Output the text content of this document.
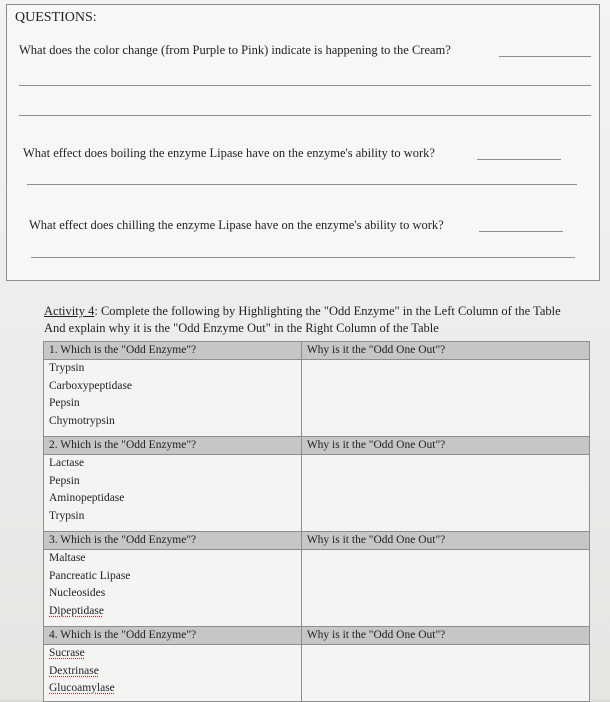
QUESTIONS:
What does the color change (from Purple to Pink) indicate is happening to the Cream?
What effect does boiling the enzyme Lipase have on the enzyme's ability to work?
What effect does chilling the enzyme Lipase have on the enzyme's ability to work?
Activity 4: Complete the following by Highlighting the "Odd Enzyme" in the Left Column of the Table
And explain why it is the "Odd Enzyme Out" in the Right Column of the Table
1. Which is the "Odd Enzyme"?	Why is it the "Odd One Out"?

Trypsin
Carboxypeptidase
Pepsin
Chymotrypsin	

2. Which is the "Odd Enzyme"?	Why is it the "Odd One Out"?

Lactase
Pepsin
Aminopeptidase
Trypsin	

3. Which is the "Odd Enzyme"?	Why is it the "Odd One Out"?

Maltase
Pancreatic Lipase
Nucleosides
Dipeptidase	

4. Which is the "Odd Enzyme"?	Why is it the "Odd One Out"?

Sucrase
Dextrinase
Glucoamylase	
